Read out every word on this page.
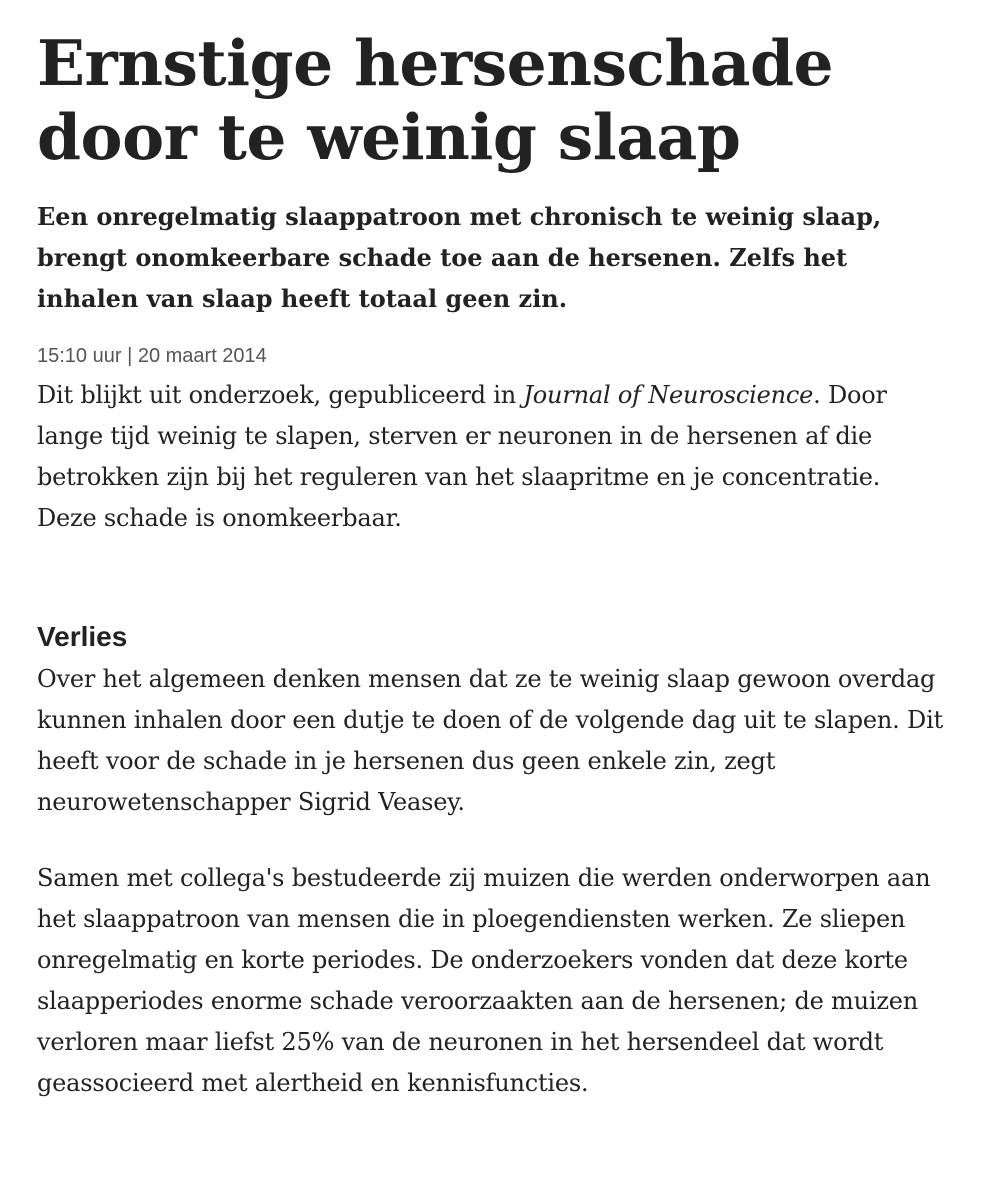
Ernstige hersenschade door te weinig slaap

Een onregelmatig slaappatroon met chronisch te weinig slaap, brengt onomkeerbare schade toe aan de hersenen. Zelfs het inhalen van slaap heeft totaal geen zin.

15:10 uur | 20 maart 2014

Dit blijkt uit onderzoek, gepubliceerd in Journal of Neuroscience. Door lange tijd weinig te slapen, sterven er neuronen in de hersenen af die betrokken zijn bij het reguleren van het slaapritme en je concentratie. Deze schade is onomkeerbaar.

Verlies

Over het algemeen denken mensen dat ze te weinig slaap gewoon overdag kunnen inhalen door een dutje te doen of de volgende dag uit te slapen. Dit heeft voor de schade in je hersenen dus geen enkele zin, zegt neurowetenschapper Sigrid Veasey.

Samen met collega's bestudeerde zij muizen die werden onderworpen aan het slaappatroon van mensen die in ploegendiensten werken. Ze sliepen onregelmatig en korte periodes. De onderzoekers vonden dat deze korte slaapperiodes enorme schade veroorzaakten aan de hersenen; de muizen verloren maar liefst 25% van de neuronen in het hersendeel dat wordt geassocieerd met alertheid en kennisfuncties.
